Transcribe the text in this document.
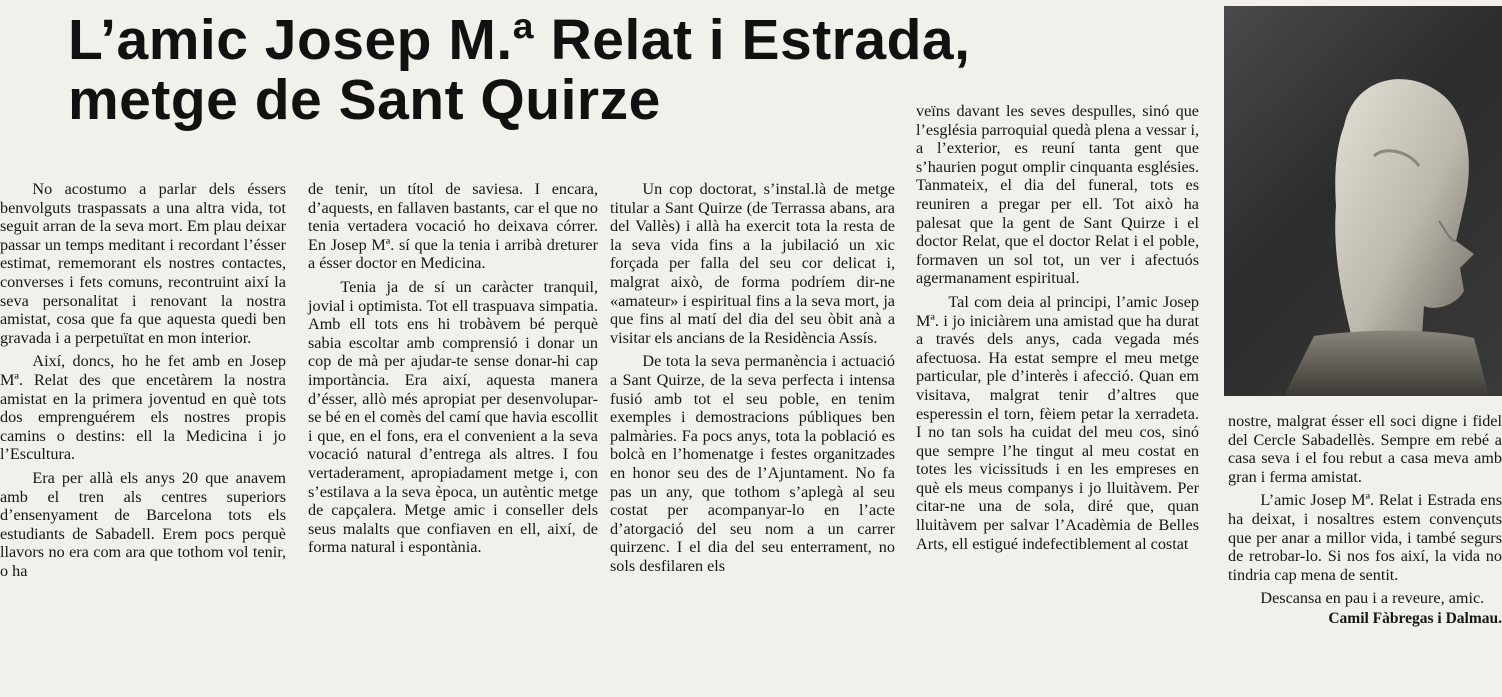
L’amic Josep M.ª Relat i Estrada,
metge de Sant Quirze

No acostumo a parlar dels éssers benvolguts traspassats a una altra vida, tot seguit arran de la seva mort. Em plau deixar passar un temps meditant i recordant l’ésser estimat, rememorant els nostres contactes, converses i fets comuns, recontruint així la seva personalitat i renovant la nostra amistat, cosa que fa que aquesta quedi ben gravada i a perpetuïtat en mon interior.

Així, doncs, ho he fet amb en Josep Mª. Relat des que encetàrem la nostra amistat en la primera joventud en què tots dos emprenguérem els nostres propis camins o destins: ell la Medicina i jo l’Escultura.

Era per allà els anys 20 que anavem amb el tren als centres superiors d’ensenyament de Barcelona tots els estudiants de Sabadell. Erem pocs perquè llavors no era com ara que tothom vol tenir, o ha

de tenir, un títol de saviesa. I encara, d’aquests, en fallaven bastants, car el que no tenia vertadera vocació ho deixava córrer. En Josep Mª. sí que la tenia i arribà dreturer a ésser doctor en Medicina.

Tenia ja de sí un caràcter tranquil, jovial i optimista. Tot ell traspuava simpatia. Amb ell tots ens hi trobàvem bé perquè sabia escoltar amb comprensió i donar un cop de mà per ajudar-te sense donar-hi cap importància. Era així, aquesta manera d’ésser, allò més apropiat per desenvolupar-se bé en el comès del camí que havia escollit i que, en el fons, era el convenient a la seva vocació natural d’entrega als altres. I fou vertaderament, apropiadament metge i, con s’estilava a la seva època, un autèntic metge de capçalera. Metge amic i conseller dels seus malalts que confiaven en ell, així, de forma natural i espontània.

Un cop doctorat, s’instal.là de metge titular a Sant Quirze (de Terrassa abans, ara del Vallès) i allà ha exercit tota la resta de la seva vida fins a la jubilació un xic forçada per falla del seu cor delicat i, malgrat això, de forma podríem dir-ne «amateur» i espiritual fins a la seva mort, ja que fins al matí del dia del seu òbit anà a visitar els ancians de la Residència Assís.

De tota la seva permanència i actuació a Sant Quirze, de la seva perfecta i intensa fusió amb tot el seu poble, en tenim exemples i demostracions públiques ben palmàries. Fa pocs anys, tota la població es bolcà en l’homenatge i festes organitzades en honor seu des de l’Ajuntament. No fa pas un any, que tothom s’aplegà al seu costat per acompanyar-lo en l’acte d’atorgació del seu nom a un carrer quirzenc. I el dia del seu enterrament, no sols desfilaren els

veïns davant les seves despulles, sinó que l’església parroquial quedà plena a vessar i, a l’exterior, es reuní tanta gent que s’haurien pogut omplir cinquanta esglésies. Tanmateix, el dia del funeral, tots es reuniren a pregar per ell. Tot això ha palesat que la gent de Sant Quirze i el doctor Relat, que el doctor Relat i el poble, formaven un sol tot, un ver i afectuós agermanament espiritual.

Tal com deia al principi, l’amic Josep Mª. i jo iniciàrem una amistad que ha durat a través dels anys, cada vegada més afectuosa. Ha estat sempre el meu metge particular, ple d’interès i afecció. Quan em visitava, malgrat tenir d’altres que esperessin el torn, fèiem petar la xerradeta. I no tan sols ha cuidat del meu cos, sinó que sempre l’he tingut al meu costat en totes les vicissituds i en les empreses en què els meus companys i jo lluitàvem. Per citar-ne una de sola, diré que, quan lluitàvem per salvar l’Acadèmia de Belles Arts, ell estigué indefectiblement al costat

nostre, malgrat ésser ell soci digne i fidel del Cercle Sabadellès. Sempre em rebé a casa seva i el fou rebut a casa meva amb gran i ferma amistat.

L’amic Josep Mª. Relat i Estrada ens ha deixat, i nosaltres estem convençuts que per anar a millor vida, i també segurs de retrobar-lo. Si nos fos així, la vida no tindria cap mena de sentit.

Descansa en pau i a reveure, amic.

Camil Fàbregas i Dalmau.
